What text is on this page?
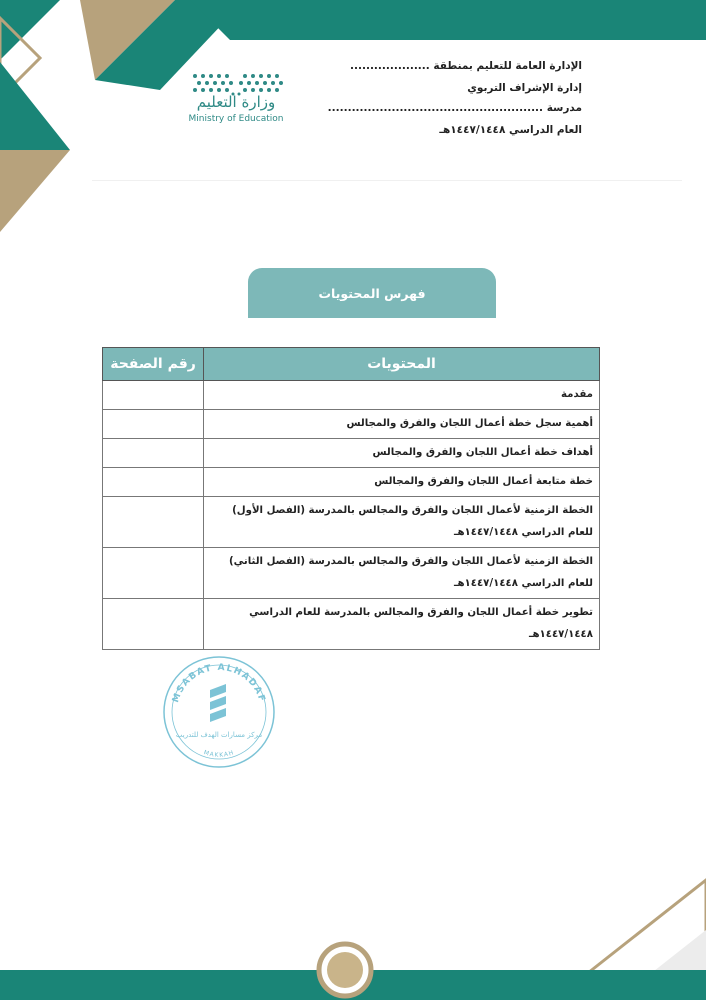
الإدارة العامة للتعليم بمنطقة ....................
إدارة الإشراف التربوي
مدرسة ......................................................
العام الدراسي ١٤٤٧/١٤٤٨هـ
وزارة التعليم
Ministry of Education
فهرس المحتويات
المحتويات	رقم الصفحة
مقدمة	
أهمية سجل خطة أعمال اللجان والفرق والمجالس	
أهداف خطة أعمال اللجان والفرق والمجالس	
خطة متابعة أعمال اللجان والفرق والمجالس	
الخطة الزمنية لأعمال اللجان والفرق والمجالس بالمدرسة (الفصل الأول) للعام الدراسي ١٤٤٧/١٤٤٨هـ	
الخطة الزمنية لأعمال اللجان والفرق والمجالس بالمدرسة (الفصل الثاني) للعام الدراسي ١٤٤٧/١٤٤٨هـ	
تطوير خطة أعمال اللجان والفرق والمجالس بالمدرسة للعام الدراسي ١٤٤٧/١٤٤٨هـ	
MSABAT ALHADAF
MAKKAH
مركز مسارات الهدف للتدريب
